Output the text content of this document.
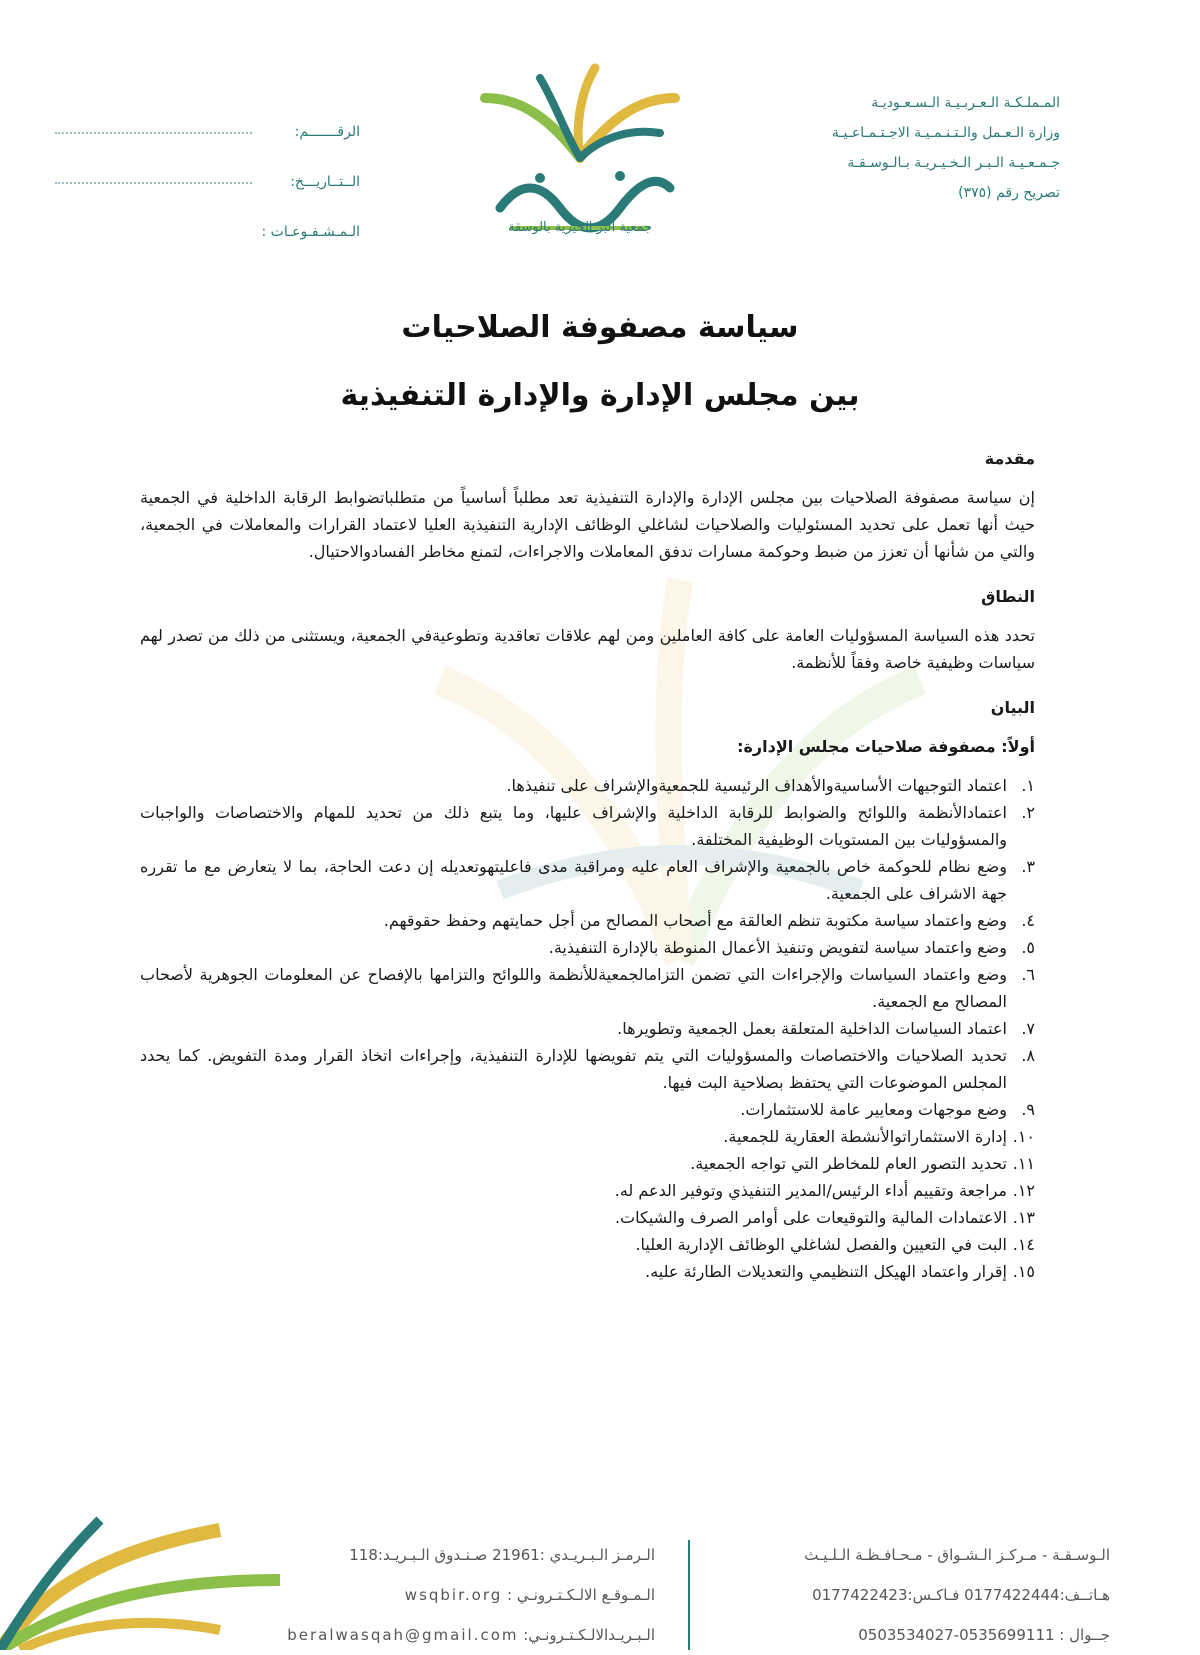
المـملـكـة الـعـربـيـة الـسـعـوديـة
وزارة الـعـمل والـتـنـمـيـة الاجـتـمـاعـيـة
جـمـعـيـة الـبـر الـخـيـريـة بـالـوسـقـة
تصريح رقم (٣٧٥)
جمعية البر الخيرية بالوسقة
الرقـــــــم:
الــتــاريـــخ:
الـمـشـفـوعـات :
سياسة مصفوفة الصلاحيات
بين مجلس الإدارة والإدارة التنفيذية
مقدمة
إن سياسة مصفوفة الصلاحيات بين مجلس الإدارة والإدارة التنفيذية تعد مطلباً أساسياً من متطلباتضوابط الرقابة الداخلية في الجمعية حيث أنها تعمل على تحديد المسئوليات والصلاحيات لشاغلي الوظائف الإدارية التنفيذية العليا لاعتماد القرارات والمعاملات في الجمعية، والتي من شأنها أن تعزز من ضبط وحوكمة مسارات تدفق المعاملات والاجراءات، لتمنع مخاطر الفسادوالاحتيال.
النطاق
تحدد هذه السياسة المسؤوليات العامة على كافة العاملين ومن لهم علاقات تعاقدية وتطوعيةفي الجمعية، ويستثنى من ذلك من تصدر لهم سياسات وظيفية خاصة وفقاً للأنظمة.
البيان
أولاً: مصفوفة صلاحيات مجلس الإدارة:
١.
اعتماد التوجيهات الأساسيةوالأهداف الرئيسية للجمعيةوالإشراف على تنفيذها.
٢.
اعتمادالأنظمة واللوائح والضوابط للرقابة الداخلية والإشراف عليها، وما يتبع ذلك من تحديد للمهام والاختصاصات والواجبات والمسؤوليات بين المستويات الوظيفية المختلفة.
٣.
وضع نظام للحوكمة خاص بالجمعية والإشراف العام عليه ومراقبة مدى فاعليتهوتعديله إن دعت الحاجة، بما لا يتعارض مع ما تقرره جهة الاشراف على الجمعية.
٤.
وضع واعتماد سياسة مكتوبة تنظم العالقة مع أصحاب المصالح من أجل حمايتهم وحفظ حقوقهم.
٥.
وضع واعتماد سياسة لتفويض وتنفيذ الأعمال المنوطة بالإدارة التنفيذية.
٦.
وضع واعتماد السياسات والإجراءات التي تضمن التزامالجمعيةللأنظمة واللوائح والتزامها بالإفصاح عن المعلومات الجوهرية لأصحاب المصالح مع الجمعية.
٧.
اعتماد السياسات الداخلية المتعلقة بعمل الجمعية وتطويرها.
٨.
تحديد الصلاحيات والاختصاصات والمسؤوليات التي يتم تفويضها للإدارة التنفيذية، وإجراءات اتخاذ القرار ومدة التفويض. كما يحدد المجلس الموضوعات التي يحتفظ بصلاحية البت فيها.
٩.
وضع موجهات ومعايير عامة للاستثمارات.
١٠.
إدارة الاستثماراتوالأنشطة العقارية للجمعية.
١١.
تحديد التصور العام للمخاطر التي تواجه الجمعية.
١٢.
مراجعة وتقييم أداء الرئيس/المدير التنفيذي وتوفير الدعم له.
١٣.
الاعتمادات المالية والتوقيعات على أوامر الصرف والشيكات.
١٤.
البت في التعيين والفصل لشاغلي الوظائف الإدارية العليا.
١٥.
إقرار واعتماد الهيكل التنظيمي والتعديلات الطارئة عليه.
الـوسـقـة - مـركـز الـشـواق - مـحـافـظـة الـلـيـث
هـاتــف:0177422444 فـاكـس:0177422423
جــوال : 0535699111-0503534027
الـرمـز الـبـريـدي :21961 صـنـدوق الـبـريـد:118
الـمـوقـع الالـكـتـرونـي : wsqbir.org
الـبـريـدالالـكـتـرونـي: beralwasqah@gmail.com
